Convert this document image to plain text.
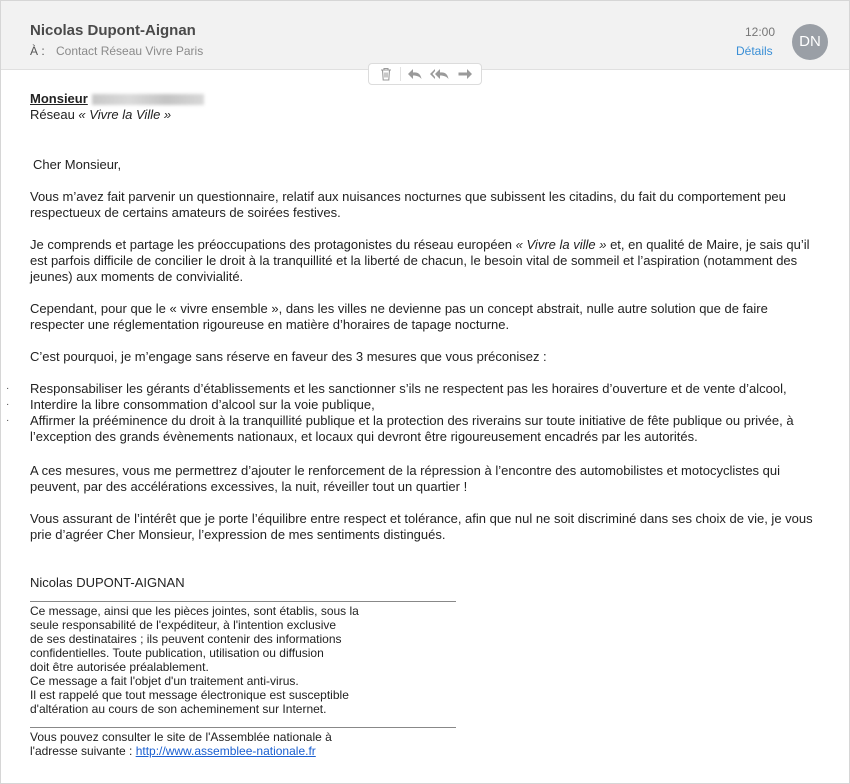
Nicolas Dupont-Aignan
À : Contact Réseau Vivre Paris
12:00
Détails
DN
Monsieur
Réseau « Vivre la Ville »
Cher Monsieur,
Vous m’avez fait parvenir un questionnaire, relatif aux nuisances nocturnes que subissent les citadins, du fait du comportement peu respectueux de certains amateurs de soirées festives.
Je comprends et partage les préoccupations des protagonistes du réseau européen « Vivre la ville » et, en qualité de Maire, je sais qu’il est parfois difficile de concilier le droit à la tranquillité et la liberté de chacun, le besoin vital de sommeil et l’aspiration (notamment des jeunes) aux moments de convivialité.
Cependant, pour que le « vivre ensemble », dans les villes ne devienne pas un concept abstrait, nulle autre solution que de faire respecter une réglementation rigoureuse en matière d’horaires de tapage nocturne.
C’est pourquoi, je m’engage sans réserve en faveur des 3 mesures que vous préconisez :
· Responsabiliser les gérants d’établissements et les sanctionner s’ils ne respectent pas les horaires d’ouverture et de vente d’alcool,
· Interdire la libre consommation d’alcool sur la voie publique,
· Affirmer la prééminence du droit à la tranquillité publique et la protection des riverains sur toute initiative de fête publique ou privée, à l’exception des grands évènements nationaux, et locaux qui devront être rigoureusement encadrés par les autorités.
A ces mesures, vous me permettrez d’ajouter le renforcement de la répression à l’encontre des automobilistes et motocyclistes qui peuvent, par des accélérations excessives, la nuit, réveiller tout un quartier !
Vous assurant de l’intérêt que je porte l’équilibre entre respect et tolérance, afin que nul ne soit discriminé dans ses choix de vie, je vous prie d’agréer Cher Monsieur, l’expression de mes sentiments distingués.
Nicolas DUPONT-AIGNAN
Ce message, ainsi que les pièces jointes, sont établis, sous la
seule responsabilité de l'expéditeur, à l'intention exclusive
de ses destinataires ; ils peuvent contenir des informations
confidentielles. Toute publication, utilisation ou diffusion
doit être autorisée préalablement.
Ce message a fait l'objet d'un traitement anti-virus.
Il est rappelé que tout message électronique est susceptible
d'altération au cours de son acheminement sur Internet.
Vous pouvez consulter le site de l'Assemblée nationale à
l'adresse suivante : http://www.assemblee-nationale.fr
